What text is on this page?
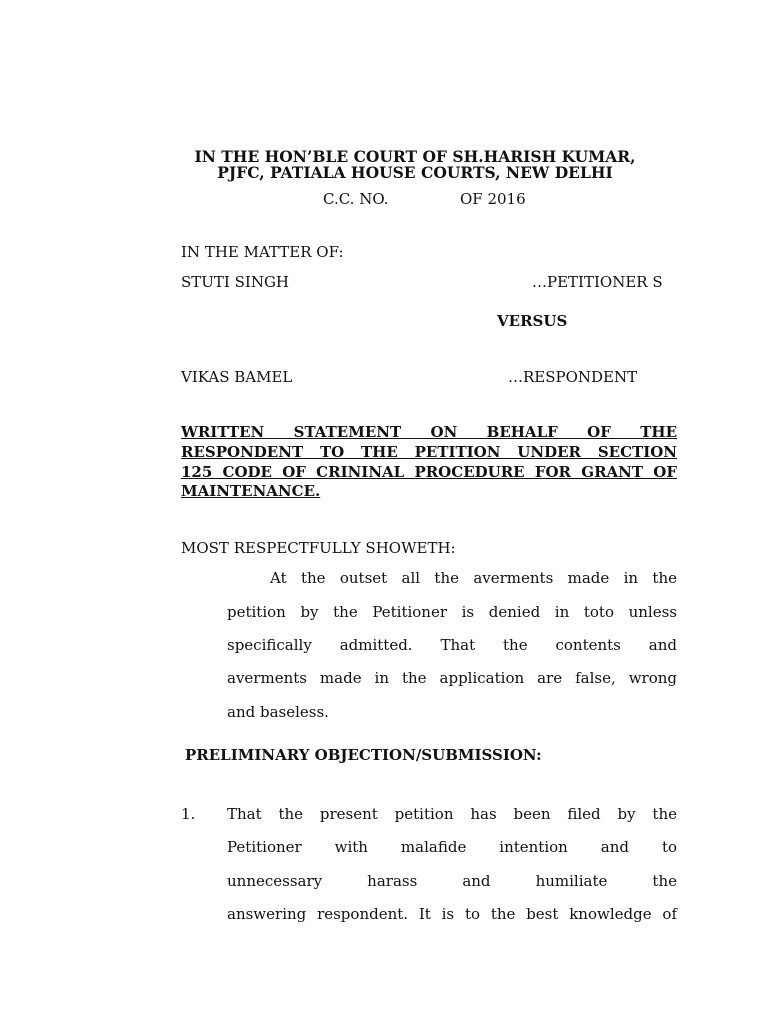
IN THE HON’BLE COURT OF SH.HARISH KUMAR,
PJFC, PATIALA HOUSE COURTS, NEW DELHI
C.C. NO.	OF 2016
IN THE MATTER OF:
STUTI SINGH	…PETITIONER S
VERSUS
VIKAS BAMEL	…RESPONDENT
WRITTEN STATEMENT ON BEHALF OF THE
RESPONDENT TO THE PETITION UNDER SECTION
125 CODE OF CRININAL PROCEDURE FOR GRANT OF
MAINTENANCE.
MOST RESPECTFULLY SHOWETH:
At the outset all the averments made in the
petition by the Petitioner is denied in toto unless
specifically admitted. That the contents and
averments made in the application are false, wrong
and baseless.
PRELIMINARY OBJECTION/SUBMISSION:
1. That the present petition has been filed by the
Petitioner with malafide intention and to
unnecessary harass and humiliate the
answering respondent. It is to the best knowledge of
